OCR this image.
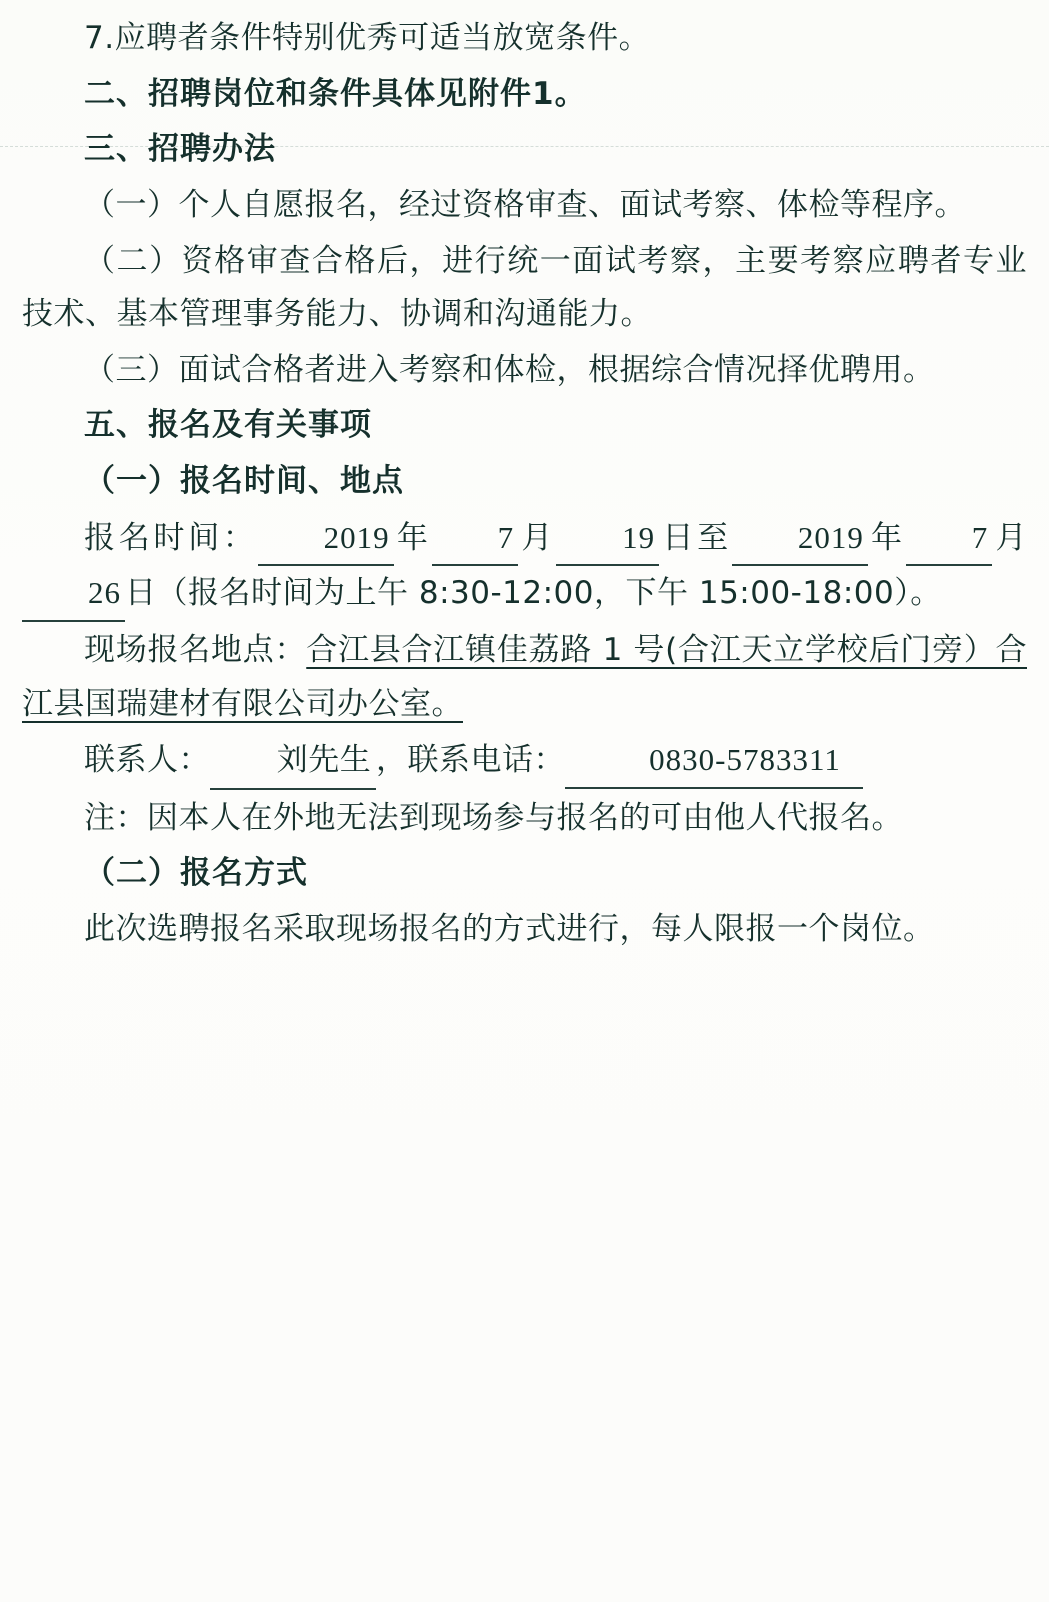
7.应聘者条件特别优秀可适当放宽条件。

二、招聘岗位和条件具体见附件1。

三、招聘办法

（一）个人自愿报名，经过资格审查、面试考察、体检等程序。

（二）资格审查合格后，进行统一面试考察，主要考察应聘者专业技术、基本管理事务能力、协调和沟通能力。

（三）面试合格者进入考察和体检，根据综合情况择优聘用。

五、报名及有关事项

（一）报名时间、地点

报名时间： 2019 年 7 月 19 日至 2019 年 7 月26 日（报名时间为上午 8:30-12:00，下午 15:00-18:00）。

现场报名地点：合江县合江镇佳荔路 1 号(合江天立学校后门旁）合江县国瑞建材有限公司办公室。

联系人： 刘先生 ，联系电话：	0830-5783311

注：因本人在外地无法到现场参与报名的可由他人代报名。

（二）报名方式

此次选聘报名采取现场报名的方式进行，每人限报一个岗位。
